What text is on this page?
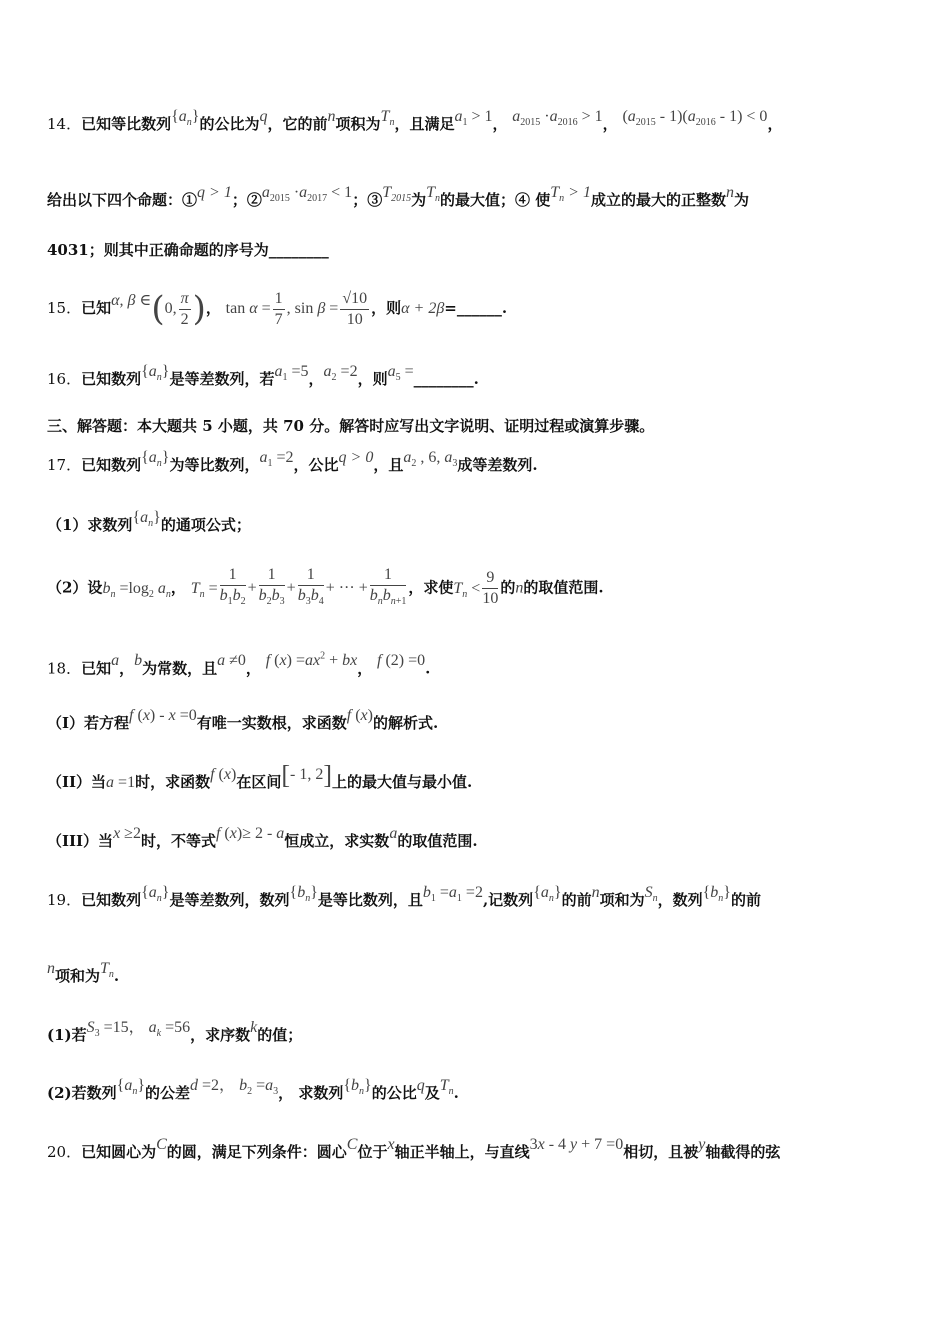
14．已知等比数列$\{a_n\}$的公比为q，它的前n项积为$T_n$，且满足$a_1 > 1$， $a_{2015} \cdot a_{2016} > 1$， $(a_{2015} - 1)(a_{2016} - 1) < 0$，
给出以下四个命题：①q > 1；$②a_{2015} \cdot a_{2017} < 1$；$③T_{2015}$为$T_n$的最大值；④ 使$T_n > 1$成立的最大的正整数n为
4031；则其中正确命题的序号为________
15．已知α, β ∈(0, $\frac{\pi}{2}$ )， $\tan \alpha = \frac{1}{7}$ , $\sin \beta = \frac{√10}{10}$ ，则α + 2β=______.
16．已知数列$\{a_n\}$是等差数列，若$a_1 =5$，$a_2 =2$，则$a_5$ =________.
三、解答题：本大题共 5 小题，共 70 分。解答时应写出文字说明、证明过程或演算步骤。
17．已知数列$\{a_n\}$为等比数列，$a_1 =2$，公比q > 0，且$a_2$ , 6, $a_3$成等差数列.
（1）求数列$\{a_n\}$的通项公式；
（2）设$b_n =\log_2$ $a_n$， $T_n = \frac{1}{b_1b_2} + \frac{1}{b_2b_3} + \frac{1}{b_3b_4}$ + ··· + $\frac{1}{b_nb_{n+1}}$ ，求使$T_n < \frac{9}{10}$ 的n的取值范围.
18．已知a，b为常数，且a ≠0， f $(x) =ax^2$ + bx， f (2) =0.
（I）若方程f (x) - x =0有唯一实数根，求函数f (x)的解析式.
（II）当a =1时，求函数f (x)在区间[- 1, 2]上的最大值与最小值.
（III）当x ≥2时，不等式f (x)≥ 2 - a恒成立，求实数a的取值范围.
19．已知数列$\{a_n\}$是等差数列，数列$\{b_n\}$是等比数列，且$b_1 =a_1 =2$,记数列$\{a_n\}$的前n项和为$S_n$，数列$\{b_n\}$的前
n项和为$T_n$.
(1)若$S_3 =15$， $a_k =56$，求序数k的值；
(2)若数列$\{a_n\}$的公差d =2， $b_2 =a_3$， 求数列$\{b_n\}$的公比q及$T_n$.
20．已知圆心为C的圆，满足下列条件：圆心C位于x轴正半轴上，与直线3x - 4 y + 7 =0相切，且被y轴截得的弦
